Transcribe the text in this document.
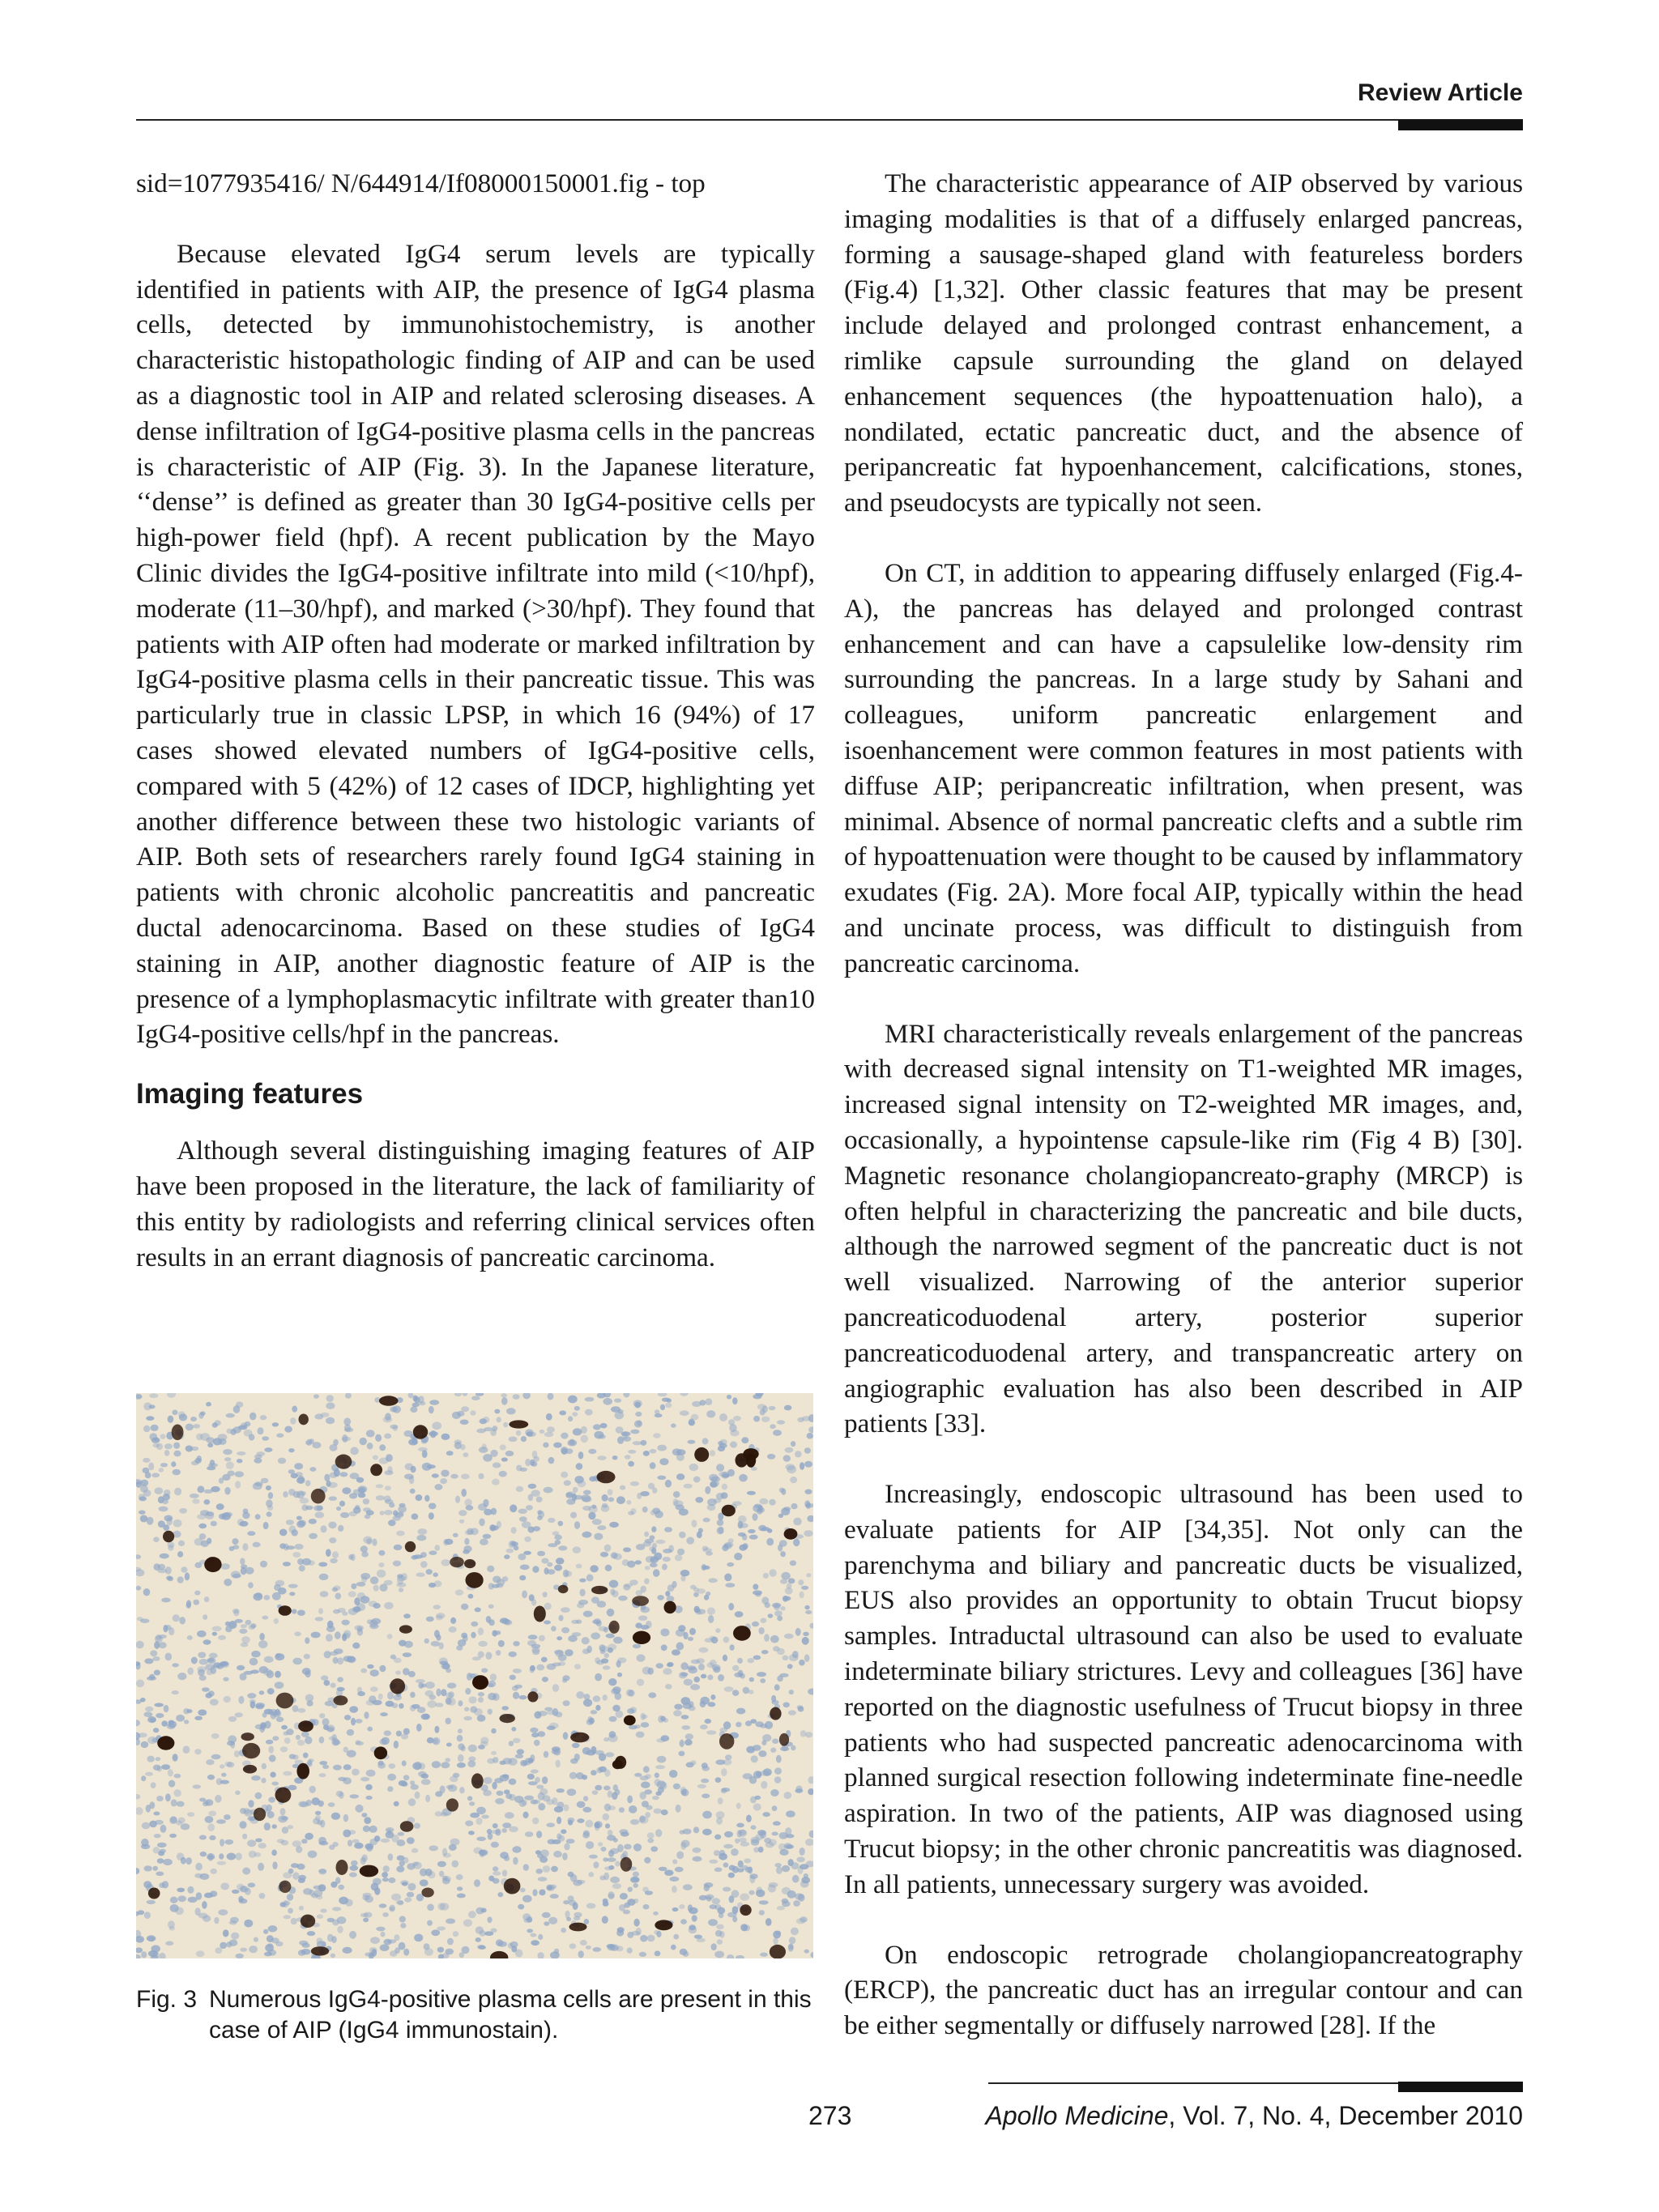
Review Article

sid=1077935416/ N/644914/If08000150001.fig - top

Because elevated IgG4 serum levels are typically identified in patients with AIP, the presence of IgG4 plasma cells, detected by immunohistochemistry, is another characteristic histopathologic finding of AIP and can be used as a diagnostic tool in AIP and related sclerosing diseases. A dense infiltration of IgG4-positive plasma cells in the pancreas is characteristic of AIP (Fig. 3). In the Japanese literature, ‘‘dense’’ is defined as greater than 30 IgG4-positive cells per high-power field (hpf). A recent publication by the Mayo Clinic divides the IgG4-positive infiltrate into mild (<10/hpf), moderate (11–30/hpf), and marked (>30/hpf). They found that patients with AIP often had moderate or marked infiltration by IgG4-positive plasma cells in their pancreatic tissue. This was particularly true in classic LPSP, in which 16 (94%) of 17 cases showed elevated numbers of IgG4-positive cells, compared with 5 (42%) of 12 cases of IDCP, highlighting yet another difference between these two histologic variants of AIP. Both sets of researchers rarely found IgG4 staining in patients with chronic alcoholic pancreatitis and pancreatic ductal adenocarcinoma. Based on these studies of IgG4 staining in AIP, another diagnostic feature of AIP is the presence of a lymphoplasmacytic infiltrate with greater than10 IgG4-positive cells/hpf in the pancreas.

Imaging features

Although several distinguishing imaging features of AIP have been proposed in the literature, the lack of familiarity of this entity by radiologists and referring clinical services often results in an errant diagnosis of pancreatic carcinoma.

Fig. 3 Numerous IgG4-positive plasma cells are present in this case of AIP (IgG4 immunostain).

The characteristic appearance of AIP observed by various imaging modalities is that of a diffusely enlarged pancreas, forming a sausage-shaped gland with featureless borders (Fig.4) [1,32]. Other classic features that may be present include delayed and prolonged contrast enhancement, a rimlike capsule surrounding the gland on delayed enhancement sequences (the hypoattenuation halo), a nondilated, ectatic pancreatic duct, and the absence of peripancreatic fat hypoenhancement, calcifications, stones, and pseudocysts are typically not seen.

On CT, in addition to appearing diffusely enlarged (Fig.4- A), the pancreas has delayed and prolonged contrast enhancement and can have a capsulelike low-density rim surrounding the pancreas. In a large study by Sahani and colleagues, uniform pancreatic enlargement and isoenhancement were common features in most patients with diffuse AIP; peripancreatic infiltration, when present, was minimal. Absence of normal pancreatic clefts and a subtle rim of hypoattenuation were thought to be caused by inflammatory exudates (Fig. 2A). More focal AIP, typically within the head and uncinate process, was difficult to distinguish from pancreatic carcinoma.

MRI characteristically reveals enlargement of the pancreas with decreased signal intensity on T1-weighted MR images, increased signal intensity on T2-weighted MR images, and, occasionally, a hypointense capsule-like rim (Fig 4 B) [30]. Magnetic resonance cholangiopancreato-graphy (MRCP) is often helpful in characterizing the pancreatic and bile ducts, although the narrowed segment of the pancreatic duct is not well visualized. Narrowing of the anterior superior pancreaticoduodenal artery, posterior superior pancreaticoduodenal artery, and transpancreatic artery on angiographic evaluation has also been described in AIP patients [33].

Increasingly, endoscopic ultrasound has been used to evaluate patients for AIP [34,35]. Not only can the parenchyma and biliary and pancreatic ducts be visualized, EUS also provides an opportunity to obtain Trucut biopsy samples. Intraductal ultrasound can also be used to evaluate indeterminate biliary strictures. Levy and colleagues [36] have reported on the diagnostic usefulness of Trucut biopsy in three patients who had suspected pancreatic adenocarcinoma with planned surgical resection following indeterminate fine-needle aspiration. In two of the patients, AIP was diagnosed using Trucut biopsy; in the other chronic pancreatitis was diagnosed. In all patients, unnecessary surgery was avoided.

On endoscopic retrograde cholangiopancreatography (ERCP), the pancreatic duct has an irregular contour and can be either segmentally or diffusely narrowed [28]. If the

273	Apollo Medicine, Vol. 7, No. 4, December 2010
